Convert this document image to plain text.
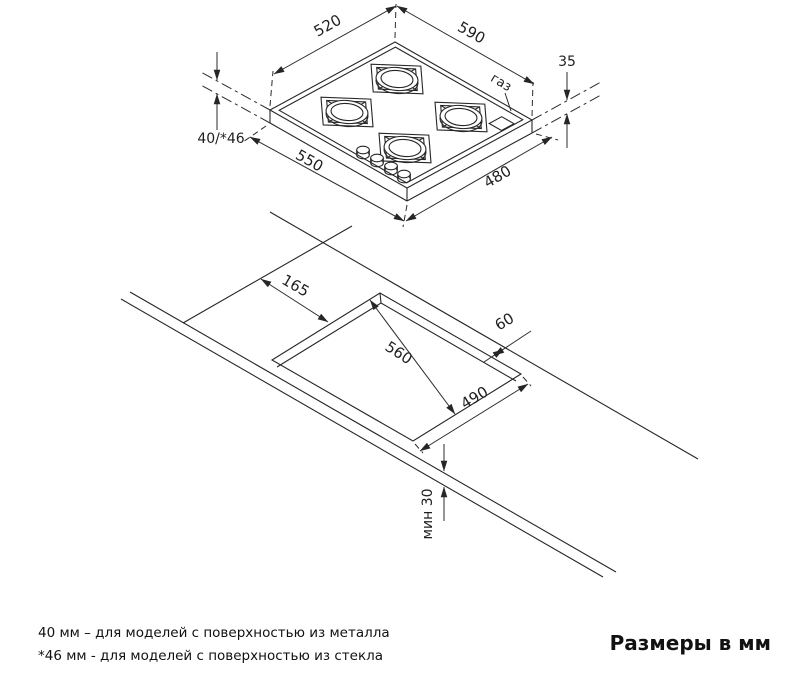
газ
520	590
35
40/*46
550
480
165
560
60
490
мин 30
40 мм – для моделей с поверхностью из металла
*46 мм - для моделей с поверхностью из стекла
Размеры в мм
